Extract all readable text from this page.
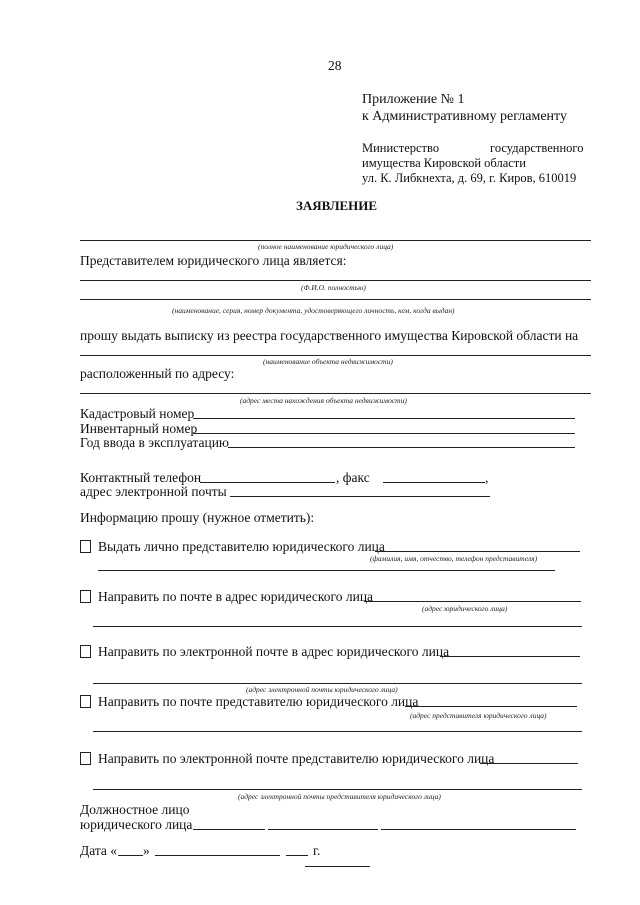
28
Приложение № 1
к Административному регламенту
Министерство	государственного
имущества Кировской области
ул. К. Либкнехта, д. 69, г. Киров, 610019
ЗАЯВЛЕНИЕ
(полное наименование юридического лица)
Представителем юридического лица является:
(Ф.И.О. полностью)
(наименование, серия, номер документа, удостоверяющего личность, кем, когда выдан)
прошу выдать выписку из реестра государственного имущества Кировской области на
(наименование объекта недвижимости)
расположенный по адресу:
(адрес места нахождения объекта недвижимости)
Кадастровый номер
Инвентарный номер
Год ввода в эксплуатацию
Контактный телефон	, факс	,
адрес электронной почты
Информацию прошу (нужное отметить):
Выдать лично представителю юридического лица
(фамилия, имя, отчество, телефон представителя)
Направить по почте в адрес юридического лица
(адрес юридического лица)
Направить по электронной почте в адрес юридического лица
(адрес электронной почты юридического лица)
Направить по почте представителю юридического лица
(адрес представителя юридического лица)
Направить по электронной почте представителю юридического лица
(адрес электронной почты представителя юридического лица)
Должностное лицо
юридического лица
Дата « »	г.
